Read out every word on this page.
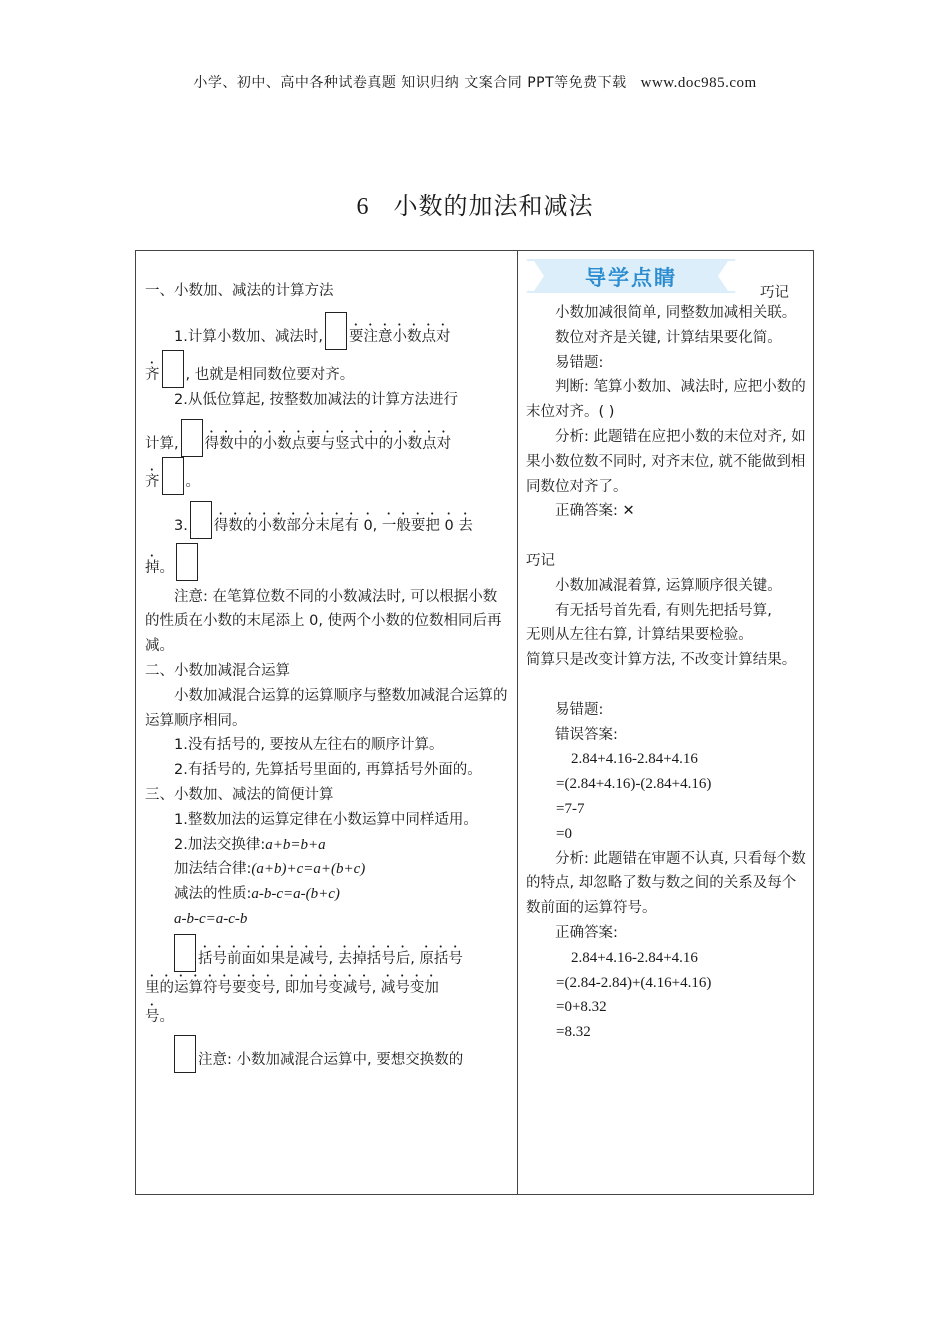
小学、初中、高中各种试卷真题 知识归纳 文案合同 PPT等免费下载 www.doc985.com
6 小数的加法和减法

一、小数加、减法的计算方法

1.计算小数加、减法时, 要注意小数点对
齐 , 也就是相同数位要对齐。

2.从低位算起, 按整数加减法的计算方法进行

计算, 得数中的小数点要与竖式中的小数点对
齐 。

3. 得数的小数部分末尾有 0, 一般要把 0 去

掉。

注意: 在笔算位数不同的小数减法时, 可以根据小数的性质在小数的末尾添上 0, 使两个小数的位数相同后再减。

二、小数加减混合运算

小数加减混合运算的运算顺序与整数加减混合运算的运算顺序相同。

1.没有括号的, 要按从左往右的顺序计算。

2.有括号的, 先算括号里面的, 再算括号外面的。

三、小数加、减法的简便计算

1.整数加法的运算定律在小数运算中同样适用。

2.加法交换律:a+b=b+a

加法结合律:(a+b)+c=a+(b+c)

减法的性质:a-b-c=a-(b+c)

a-b-c=a-c-b

括号前面如果是减号, 去掉括号后, 原括号

里的运算符号要变号, 即加号变减号, 减号变加
号。

注意: 小数加减混合运算中, 要想交换数的

导学点睛
巧记

小数加减很简单, 同整数加减相关联。

数位对齐是关键, 计算结果要化简。

易错题:

判断: 笔算小数加、减法时, 应把小数的末位对齐。( )

分析: 此题错在应把小数的末位对齐, 如果小数位数不同时, 对齐末位, 就不能做到相同数位对齐了。

正确答案: ✕

巧记

小数加减混着算, 运算顺序很关键。

有无括号首先看, 有则先把括号算,

无则从左往右算, 计算结果要检验。

简算只是改变计算方法, 不改变计算结果。

易错题:

错误答案:

2.84+4.16-2.84+4.16

=(2.84+4.16)-(2.84+4.16)

=7-7

=0

分析: 此题错在审题不认真, 只看每个数的特点, 却忽略了数与数之间的关系及每个数前面的运算符号。

正确答案:

2.84+4.16-2.84+4.16

=(2.84-2.84)+(4.16+4.16)

=0+8.32

=8.32
